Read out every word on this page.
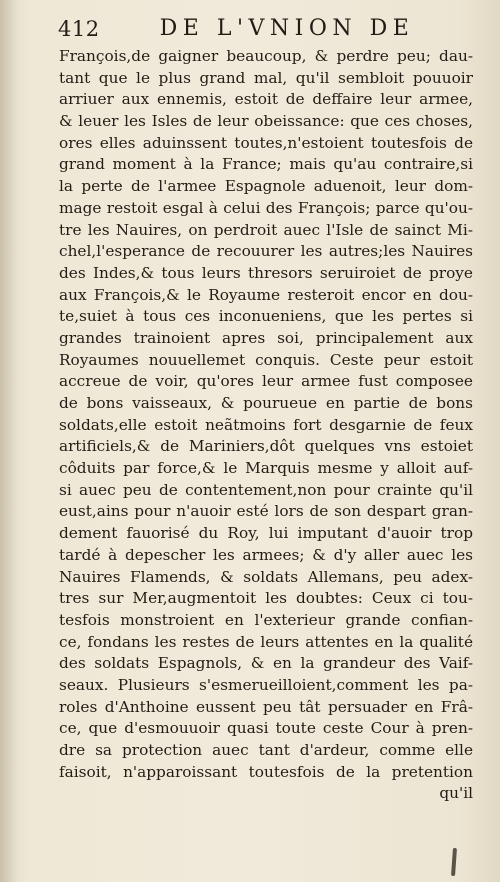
412	DE L'VNION DE
François,de gaigner beaucoup, & perdre peu; dau-
tant que le plus grand mal, qu'il sembloit pouuoir
arriuer aux ennemis, estoit de deffaire leur armee,
& leuer les Isles de leur obeissance: que ces choses,
ores elles aduinssent toutes,n'estoient toutesfois de
grand moment à la France; mais qu'au contraire,si
la perte de l'armee Espagnole aduenoit, leur dom-
mage restoit esgal à celui des François; parce qu'ou-
tre les Nauires, on perdroit auec l'Isle de sainct Mi-
chel,l'esperance de recouurer les autres;les Nauires
des Indes,& tous leurs thresors seruiroiet de proye
aux François,& le Royaume resteroit encor en dou-
te,suiet à tous ces inconueniens, que les pertes si
grandes trainoient apres soi, principalement aux
Royaumes nouuellemet conquis. Ceste peur estoit
accreue de voir, qu'ores leur armee fust composee
de bons vaisseaux, & pourueue en partie de bons
soldats,elle estoit neãtmoins fort desgarnie de feux
artificiels,& de Mariniers,dôt quelques vns estoiet
côduits par force,& le Marquis mesme y alloit auf-
si auec peu de contentement,non pour crainte qu'il
eust,ains pour n'auoir esté lors de son despart gran-
dement fauorisé du Roy, lui imputant d'auoir trop
tardé à depescher les armees; & d'y aller auec les
Nauires Flamends, & soldats Allemans, peu adex-
tres sur Mer,augmentoit les doubtes: Ceux ci tou-
tesfois monstroient en l'exterieur grande confian-
ce, fondans les restes de leurs attentes en la qualité
des soldats Espagnols, & en la grandeur des Vaif-
seaux. Plusieurs s'esmerueilloient,comment les pa-
roles d'Anthoine eussent peu tât persuader en Frâ-
ce, que d'esmouuoir quasi toute ceste Cour à pren-
dre sa protection auec tant d'ardeur, comme elle
faisoit, n'apparoissant toutesfois de la pretention
qu'il
